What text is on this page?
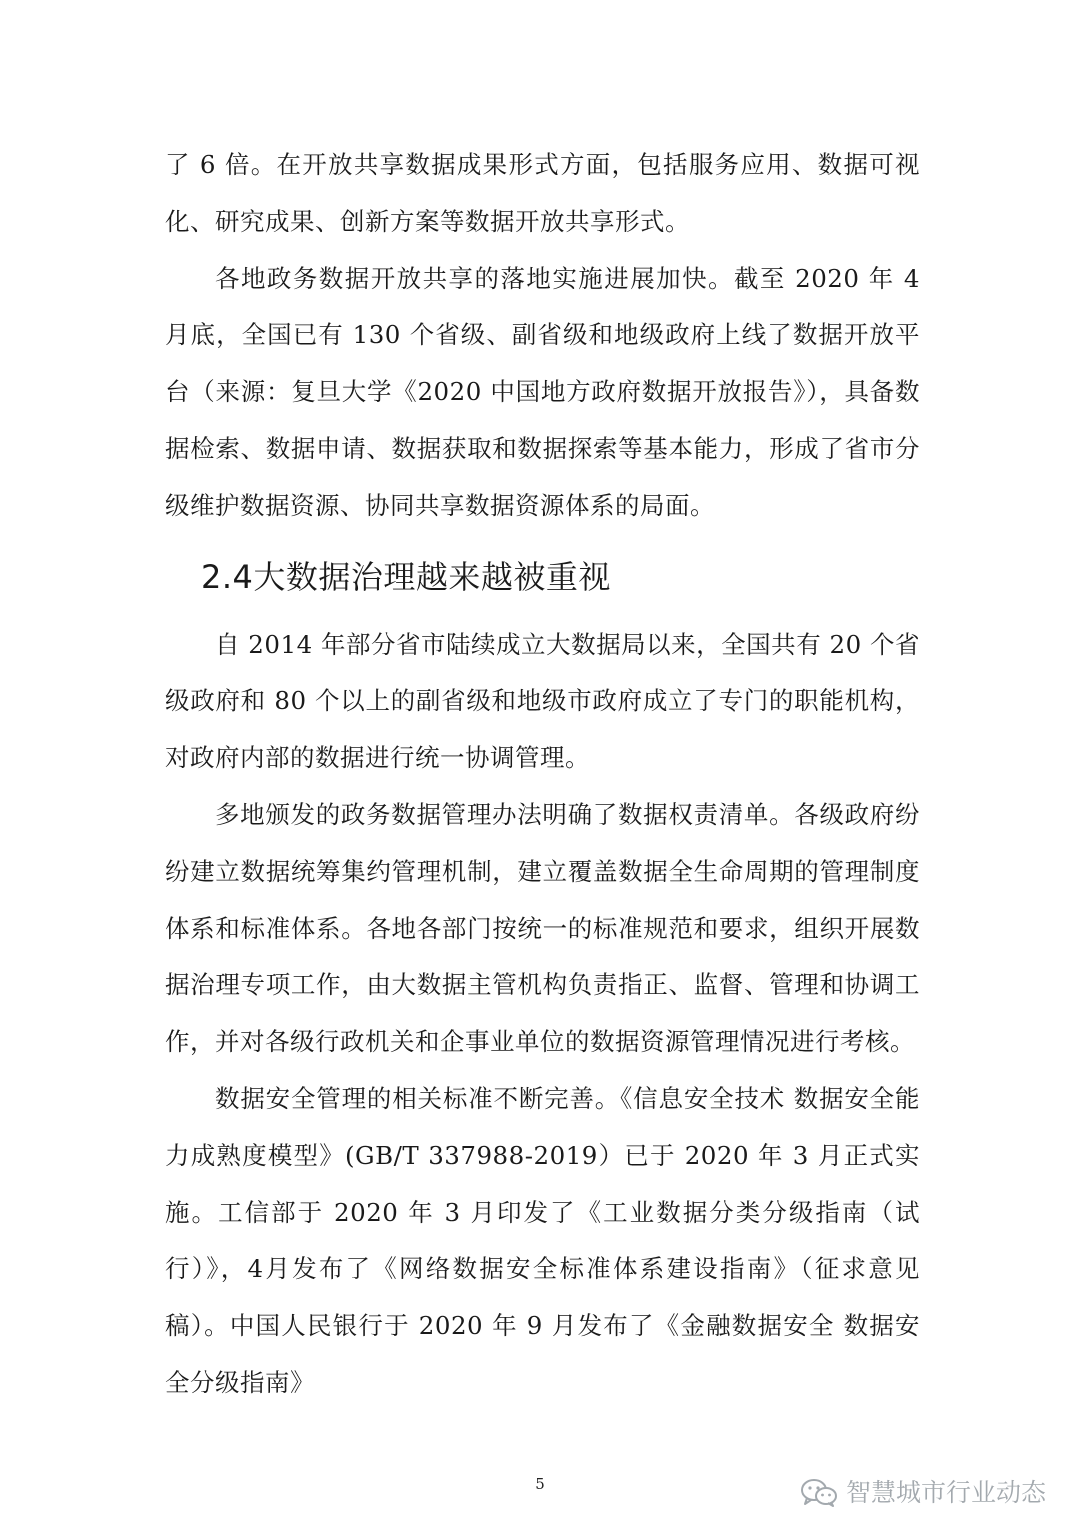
了 6 倍。在开放共享数据成果形式方面，包括服务应用、数据可视化、研究成果、创新方案等数据开放共享形式。

各地政务数据开放共享的落地实施进展加快。截至 2020 年 4 月底，全国已有 130 个省级、副省级和地级政府上线了数据开放平台（来源：复旦大学《2020 中国地方政府数据开放报告》），具备数据检索、数据申请、数据获取和数据探索等基本能力，形成了省市分级维护数据资源、协同共享数据资源体系的局面。

2.4大数据治理越来越被重视

自 2014 年部分省市陆续成立大数据局以来，全国共有 20 个省级政府和 80 个以上的副省级和地级市政府成立了专门的职能机构，对政府内部的数据进行统一协调管理。

多地颁发的政务数据管理办法明确了数据权责清单。各级政府纷纷建立数据统筹集约管理机制，建立覆盖数据全生命周期的管理制度体系和标准体系。各地各部门按统一的标准规范和要求，组织开展数据治理专项工作，由大数据主管机构负责指正、监督、管理和协调工作，并对各级行政机关和企事业单位的数据资源管理情况进行考核。

数据安全管理的相关标准不断完善。《信息安全技术 数据安全能力成熟度模型》(GB/T 337988-2019）已于 2020 年 3 月正式实施。工信部于 2020 年 3 月印发了《工业数据分类分级指南（试行）》，4月发布了《网络数据安全标准体系建设指南》（征求意见稿）。中国人民银行于 2020 年 9 月发布了《金融数据安全 数据安全分级指南》

5	智慧城市行业动态
